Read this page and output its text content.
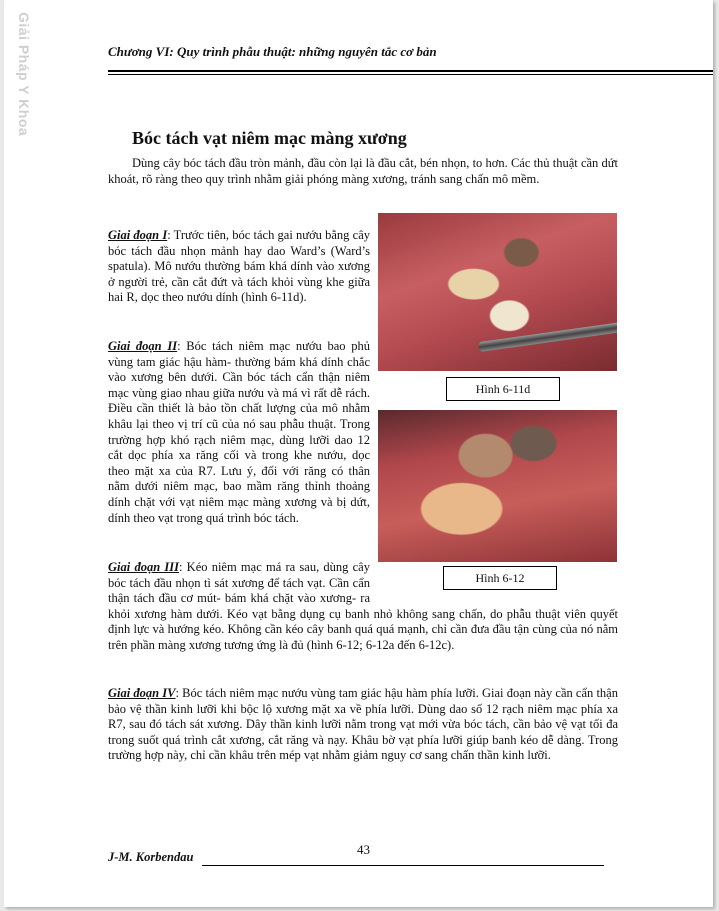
Giải Pháp Y Khoa	Chương VI: Quy trình phẫu thuật: những nguyên tắc cơ bản
Bóc tách vạt niêm mạc màng xương

Dùng cây bóc tách đầu tròn mảnh, đầu còn lại là đầu cắt, bén nhọn, to hơn. Các thủ thuật cần dứt khoát, rõ ràng theo quy trình nhằm giải phóng màng xương, tránh sang chấn mô mềm.

Giai đoạn I: Trước tiên, bóc tách gai nướu bằng cây bóc tách đầu nhọn mảnh hay dao Ward’s (Ward’s spatula). Mô nướu thường bám khá dính vào xương ở người trẻ, cần cắt đứt và tách khỏi vùng khe giữa hai R, dọc theo nướu dính (hình 6-11d).

Giai đoạn II: Bóc tách niêm mạc nướu bao phủ vùng tam giác hậu hàm- thường bám khá dính chắc vào xương bên dưới. Cần bóc tách cẩn thận niêm mạc vùng giao nhau giữa nướu và má vì rất dễ rách. Điều cần thiết là bảo tồn chất lượng của mô nhằm khâu lại theo vị trí cũ của nó sau phẫu thuật. Trong trường hợp khó rạch niêm mạc, dùng lưỡi dao 12 cắt dọc phía xa răng cối và trong khe nướu, dọc theo mặt xa của R7. Lưu ý, đối với răng có thân nằm dưới niêm mạc, bao mầm răng thỉnh thoảng dính chặt với vạt niêm mạc màng xương và bị dứt, dính theo vạt trong quá trình bóc tách.

Hình 6-11d
Hình 6-12

Giai đoạn III: Kéo niêm mạc má ra sau, dùng cây bóc tách đầu nhọn tì sát xương để tách vạt. Cần cẩn thận tách đầu cơ mút- bám khá chặt vào xương- ra khỏi xương hàm dưới. Kéo vạt bằng dụng cụ banh nhỏ không sang chấn, do phẫu thuật viên quyết định lực và hướng kéo. Không cần kéo cây banh quá quá mạnh, chỉ cần đưa đầu tận cùng của nó nằm trên phần màng xương tương ứng là đủ (hình 6-12; 6-12a đến 6-12c).

Giai đoạn IV: Bóc tách niêm mạc nướu vùng tam giác hậu hàm phía lưỡi. Giai đoạn này cần cẩn thận bảo vệ thần kinh lưỡi khi bộc lộ xương mặt xa về phía lưỡi. Dùng dao số 12 rạch niêm mạc phía xa R7, sau đó tách sát xương. Dây thần kinh lưỡi nằm trong vạt mới vừa bóc tách, cần bảo vệ vạt tối đa trong suốt quá trình cắt xương, cắt răng và nạy. Khâu bờ vạt phía lưỡi giúp banh kéo dễ dàng. Trong trường hợp này, chỉ cần khâu trên mép vạt nhằm giảm nguy cơ sang chấn thần kinh lưỡi.

43
J-M. Korbendau
